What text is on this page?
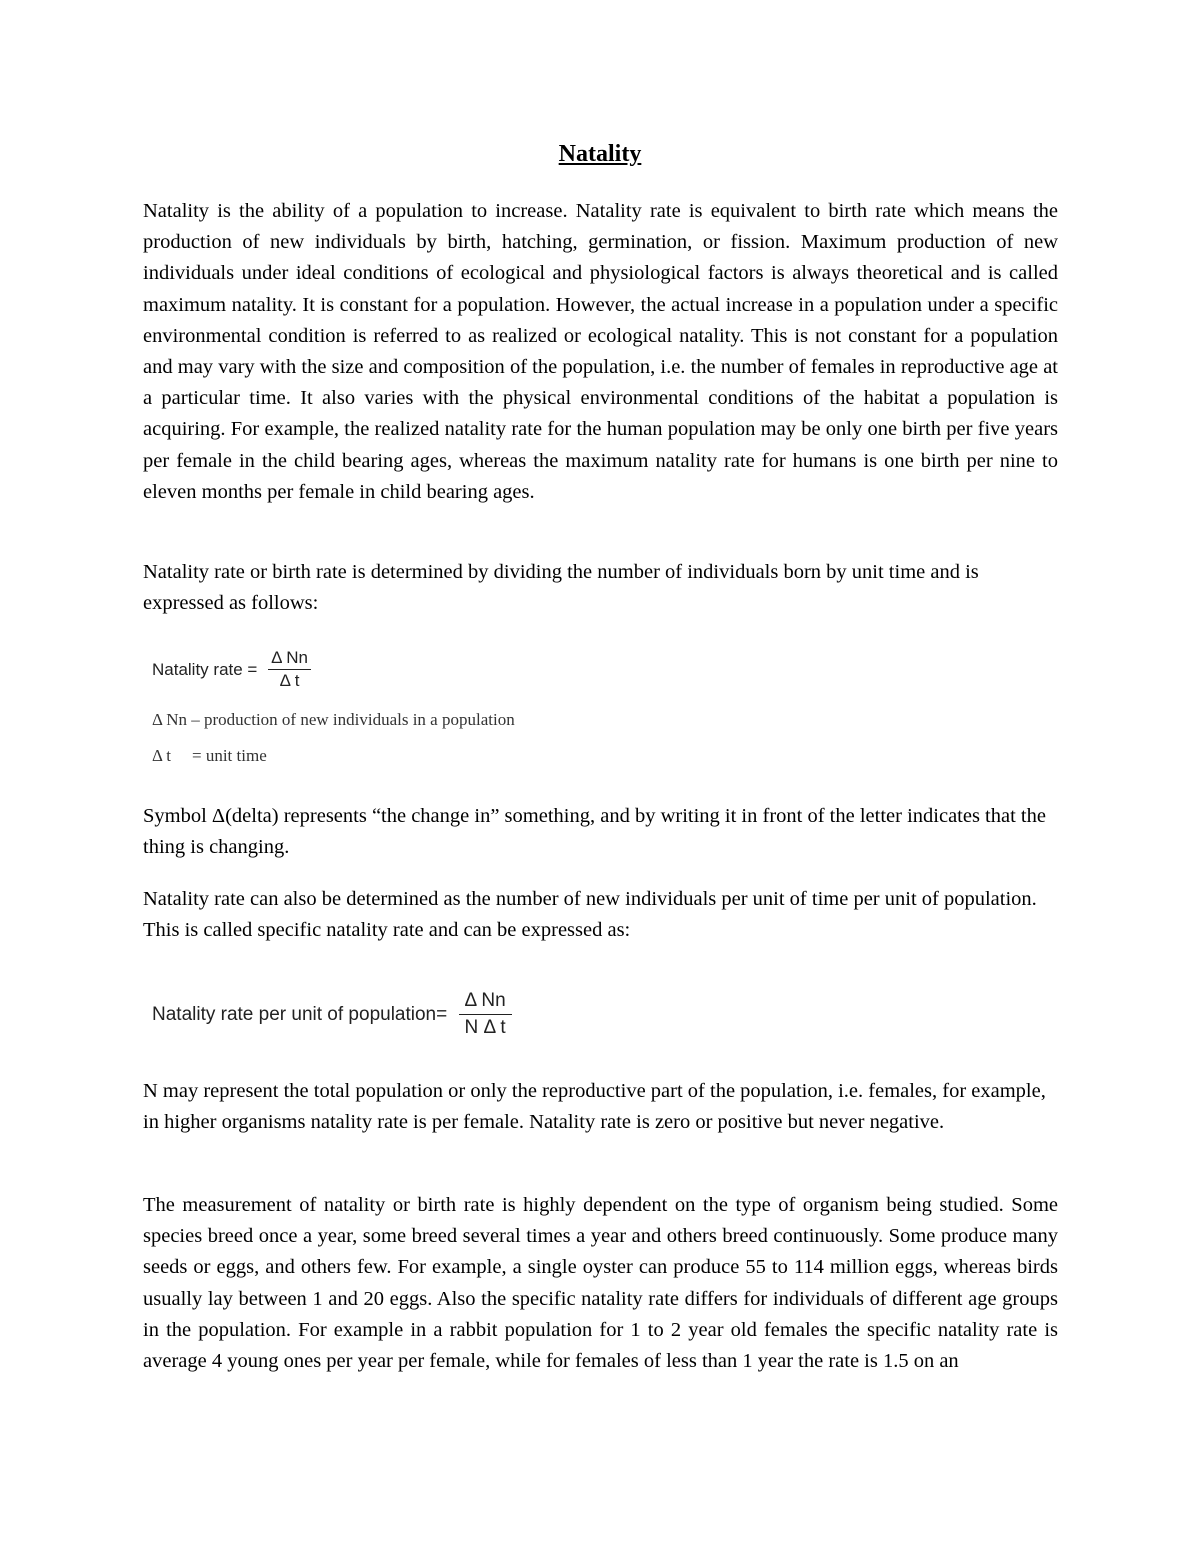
Natality

Natality is the ability of a population to increase. Natality rate is equivalent to birth rate which means the production of new individuals by birth, hatching, germination, or fission. Maximum production of new individuals under ideal conditions of ecological and physiological factors is always theoretical and is called maximum natality. It is constant for a population. However, the actual increase in a population under a specific environmental condition is referred to as realized or ecological natality. This is not constant for a population and may vary with the size and composition of the population, i.e. the number of females in reproductive age at a particular time. It also varies with the physical environmental conditions of the habitat a population is acquiring. For example, the realized natality rate for the human population may be only one birth per five years per female in the child bearing ages, whereas the maximum natality rate for humans is one birth per nine to eleven months per female in child bearing ages.

Natality rate or birth rate is determined by dividing the number of individuals born by unit time and is expressed as follows:

Natality rate = $\frac{\text{Δ Nn}}{\text{Δ t}}$
Δ Nn – production of new individuals in a population
Δ t = unit time

Symbol Δ(delta) represents “the change in” something, and by writing it in front of the letter indicates that the thing is changing.

Natality rate can also be determined as the number of new individuals per unit of time per unit of population. This is called specific natality rate and can be expressed as:

Natality rate per unit of population= $\frac{\text{Δ Nn}}{\text{N Δ t}}$

N may represent the total population or only the reproductive part of the population, i.e. females, for example, in higher organisms natality rate is per female. Natality rate is zero or positive but never negative.

The measurement of natality or birth rate is highly dependent on the type of organism being studied. Some species breed once a year, some breed several times a year and others breed continuously. Some produce many seeds or eggs, and others few. For example, a single oyster can produce 55 to 114 million eggs, whereas birds usually lay between 1 and 20 eggs. Also the specific natality rate differs for individuals of different age groups in the population. For example in a rabbit population for 1 to 2 year old females the specific natality rate is average 4 young ones per year per female, while for females of less than 1 year the rate is 1.5 on an
